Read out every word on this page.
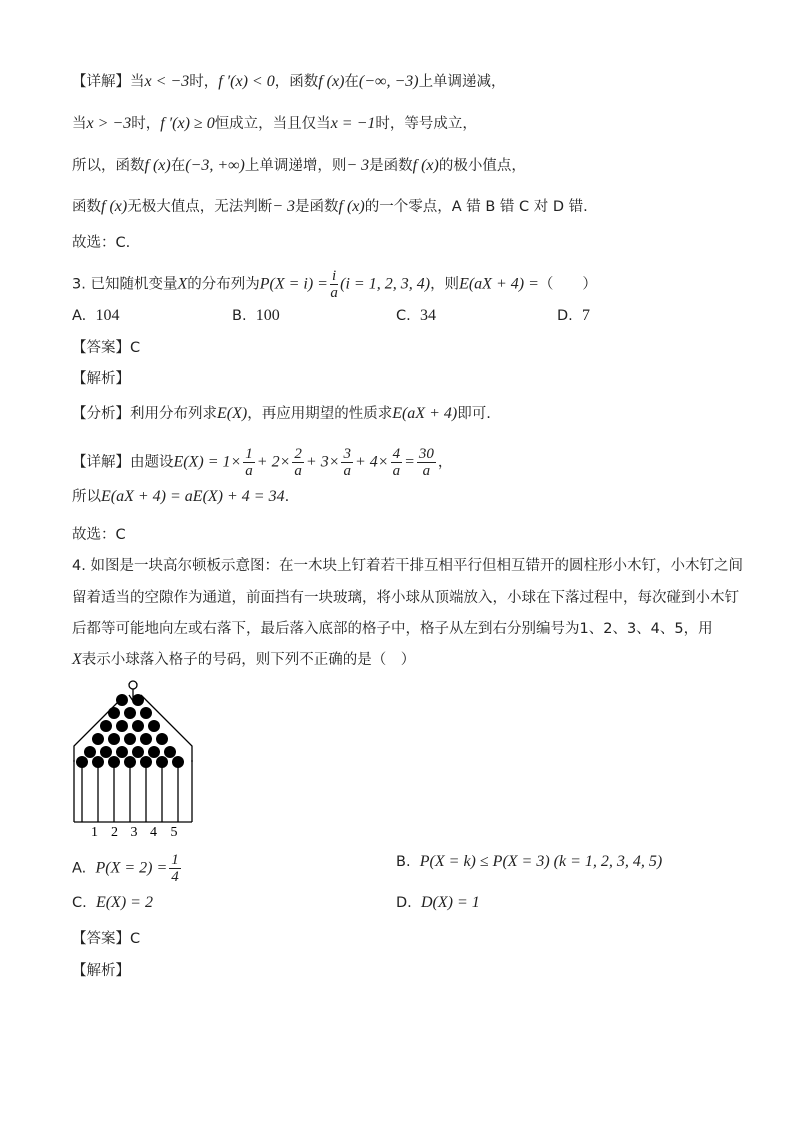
【详解】当x < −3时，f ′(x) < 0，函数f (x)在(−∞, −3)上单调递减，
当x > −3时，f ′(x) ≥ 0恒成立，当且仅当x = −1时，等号成立，
所以，函数f (x)在(−3, +∞)上单调递增，则− 3是函数f (x)的极小值点，
函数f (x)无极大值点，无法判断− 3是函数f (x)的一个零点，A 错 B 错 C 对 D 错.
故选：C.
3. 已知随机变量X的分布列为$P(X = i) = \frac{i}{a} (i = 1$, 2, 3, 4)，则E(aX + 4) =（　　）
A. 104	B. 100	C. 34	D. 7
【答案】C
【解析】
【分析】利用分布列求E(X)，再应用期望的性质求E(aX + 4)即可.
【详解】由题设$E(X) = 1\times \frac{1}{a} + 2\times \frac{2}{a} + 3\times \frac{3}{a} + 4\times \frac{4}{a} = \frac{30}{a}$ ，
所以E(aX + 4) = aE(X) + 4 = 34.
故选：C
4. 如图是一块高尔顿板示意图：在一木块上钉着若干排互相平行但相互错开的圆柱形小木钉，小木钉之间
留着适当的空隙作为通道，前面挡有一块玻璃，将小球从顶端放入，小球在下落过程中，每次碰到小木钉
后都等可能地向左或右落下，最后落入底部的格子中，格子从左到右分别编号为1、2、3、4、5，用
X表示小球落入格子的号码，则下列不正确的是（　）
1 2 3 4 5
A. $P(X = 2) = \frac{1}{4}$	B. P(X = k) ≤ P(X = 3) (k = 1, 2, 3, 4, 5)
C. E(X) = 2	D. D(X) = 1
【答案】C
【解析】
